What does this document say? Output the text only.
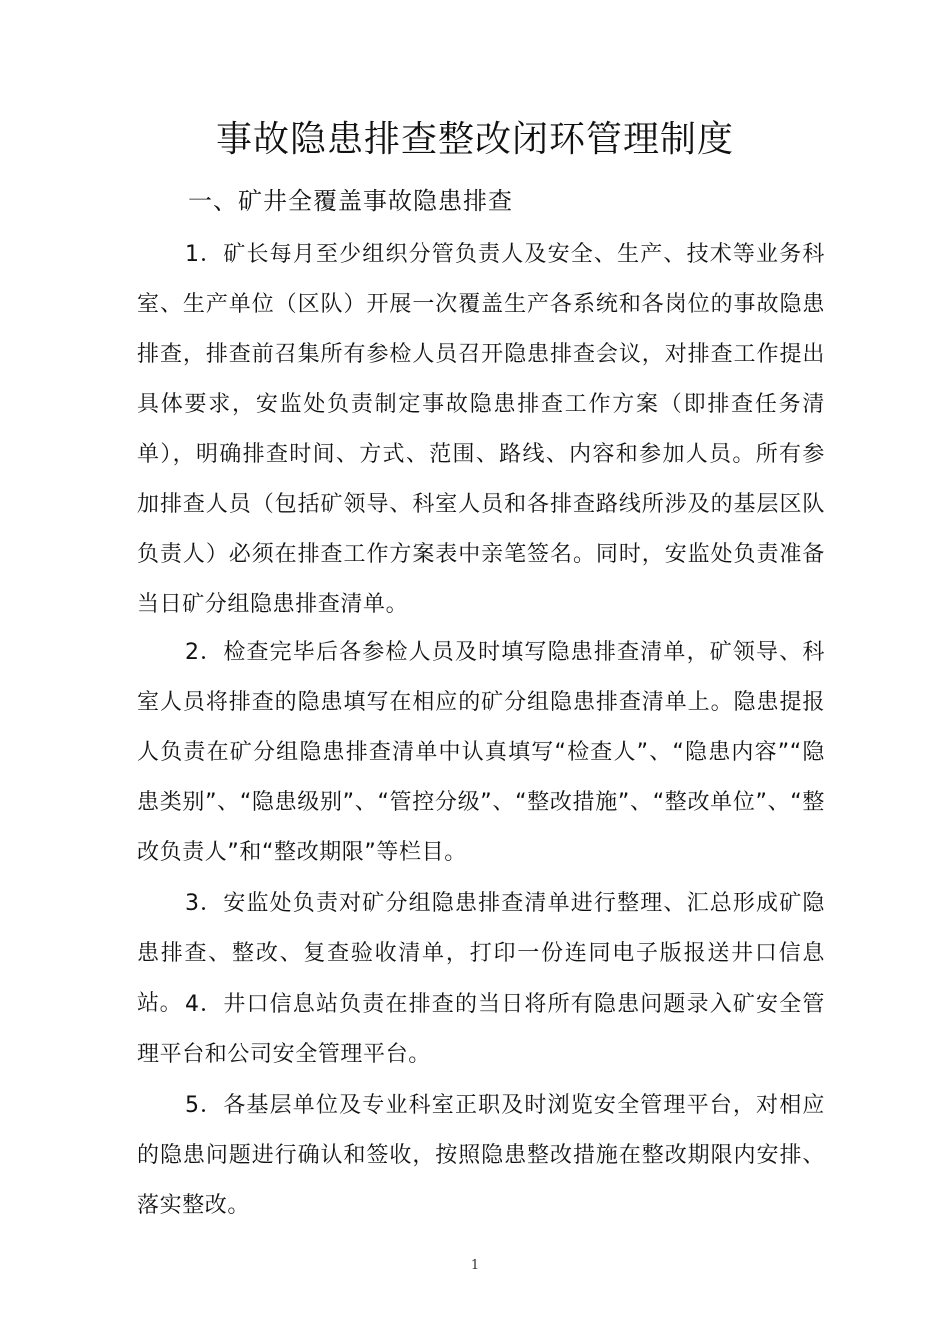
事故隐患排查整改闭环管理制度
一、矿井全覆盖事故隐患排查

1．矿长每月至少组织分管负责人及安全、生产、技术等业务科室、生产单位（区队）开展一次覆盖生产各系统和各岗位的事故隐患排查，排查前召集所有参检人员召开隐患排查会议，对排查工作提出具体要求，安监处负责制定事故隐患排查工作方案（即排查任务清单），明确排查时间、方式、范围、路线、内容和参加人员。所有参加排查人员（包括矿领导、科室人员和各排查路线所涉及的基层区队负责人）必须在排查工作方案表中亲笔签名。同时，安监处负责准备当日矿分组隐患排查清单。

2．检查完毕后各参检人员及时填写隐患排查清单，矿领导、科室人员将排查的隐患填写在相应的矿分组隐患排查清单上。隐患提报人负责在矿分组隐患排查清单中认真填写“检查人”、“隐患内容”“隐患类别”、“隐患级别”、“管控分级”、“整改措施”、“整改单位”、“整改负责人”和“整改期限”等栏目。

3．安监处负责对矿分组隐患排查清单进行整理、汇总形成矿隐患排查、整改、复查验收清单，打印一份连同电子版报送井口信息站。 4．井口信息站负责在排查的当日将所有隐患问题录入矿安全管理平台和公司安全管理平台。

5．各基层单位及专业科室正职及时浏览安全管理平台，对相应的隐患问题进行确认和签收，按照隐患整改措施在整改期限内安排、落实整改。

1
